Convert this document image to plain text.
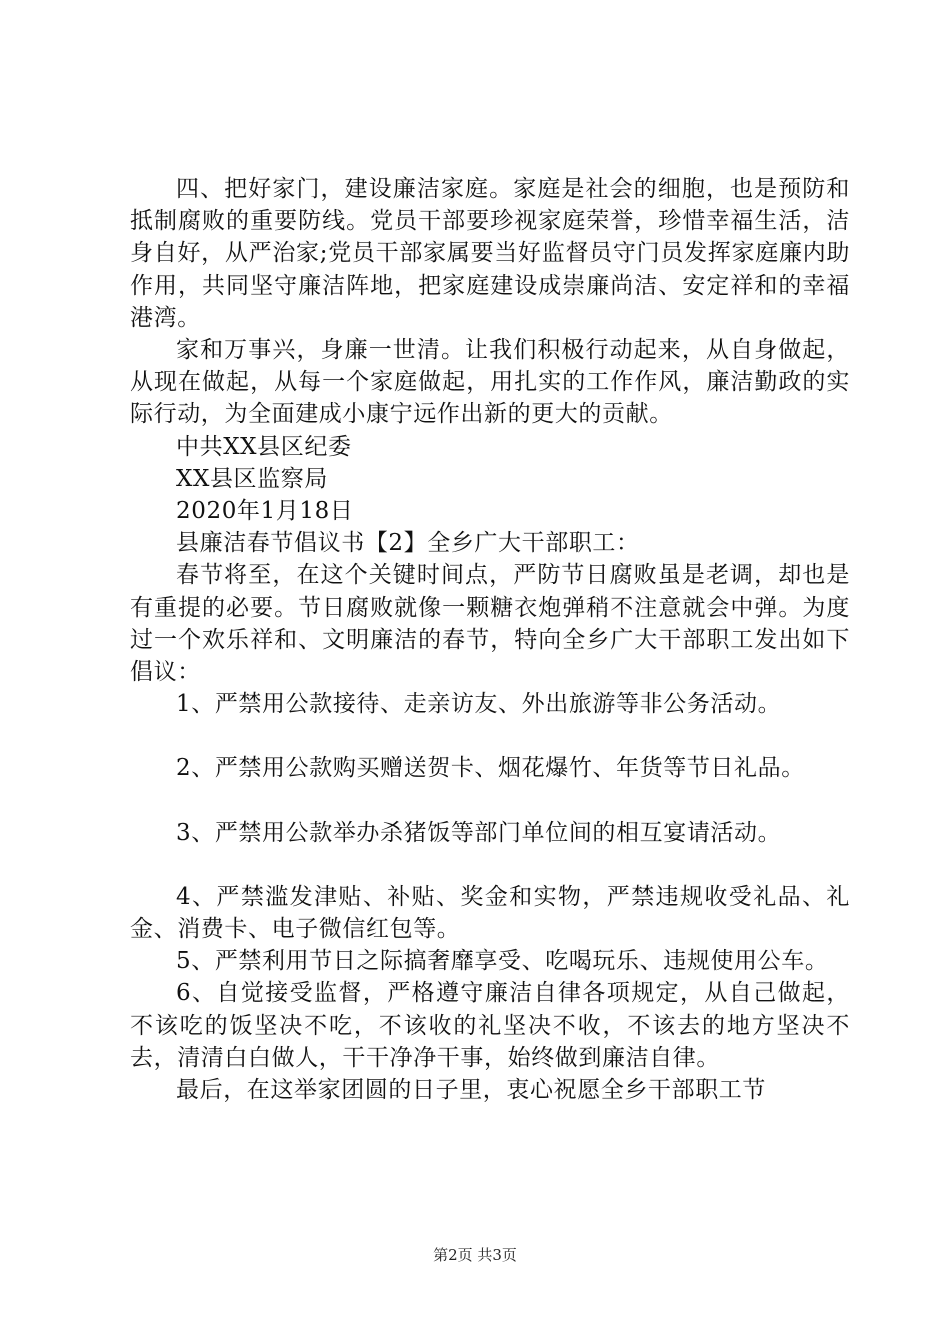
四、把好家门，建设廉洁家庭。家庭是社会的细胞，也是预防和抵制腐败的重要防线。党员干部要珍视家庭荣誉，珍惜幸福生活，洁身自好，从严治家;党员干部家属要当好监督员守门员发挥家庭廉内助作用，共同坚守廉洁阵地，把家庭建设成崇廉尚洁、安定祥和的幸福港湾。

家和万事兴，身廉一世清。让我们积极行动起来，从自身做起，从现在做起，从每一个家庭做起，用扎实的工作作风，廉洁勤政的实际行动，为全面建成小康宁远作出新的更大的贡献。

中共XX县区纪委

XX县区监察局

2020年1月18日

县廉洁春节倡议书【2】全乡广大干部职工：

春节将至，在这个关键时间点，严防节日腐败虽是老调，却也是有重提的必要。节日腐败就像一颗糖衣炮弹稍不注意就会中弹。为度过一个欢乐祥和、文明廉洁的春节，特向全乡广大干部职工发出如下倡议：

1、严禁用公款接待、走亲访友、外出旅游等非公务活动。

2、严禁用公款购买赠送贺卡、烟花爆竹、年货等节日礼品。

3、严禁用公款举办杀猪饭等部门单位间的相互宴请活动。

4、严禁滥发津贴、补贴、奖金和实物，严禁违规收受礼品、礼金、消费卡、电子微信红包等。

5、严禁利用节日之际搞奢靡享受、吃喝玩乐、违规使用公车。

6、自觉接受监督，严格遵守廉洁自律各项规定，从自己做起，不该吃的饭坚决不吃，不该收的礼坚决不收，不该去的地方坚决不去，清清白白做人，干干净净干事，始终做到廉洁自律。

最后，在这举家团圆的日子里，衷心祝愿全乡干部职工节

第2页 共3页
